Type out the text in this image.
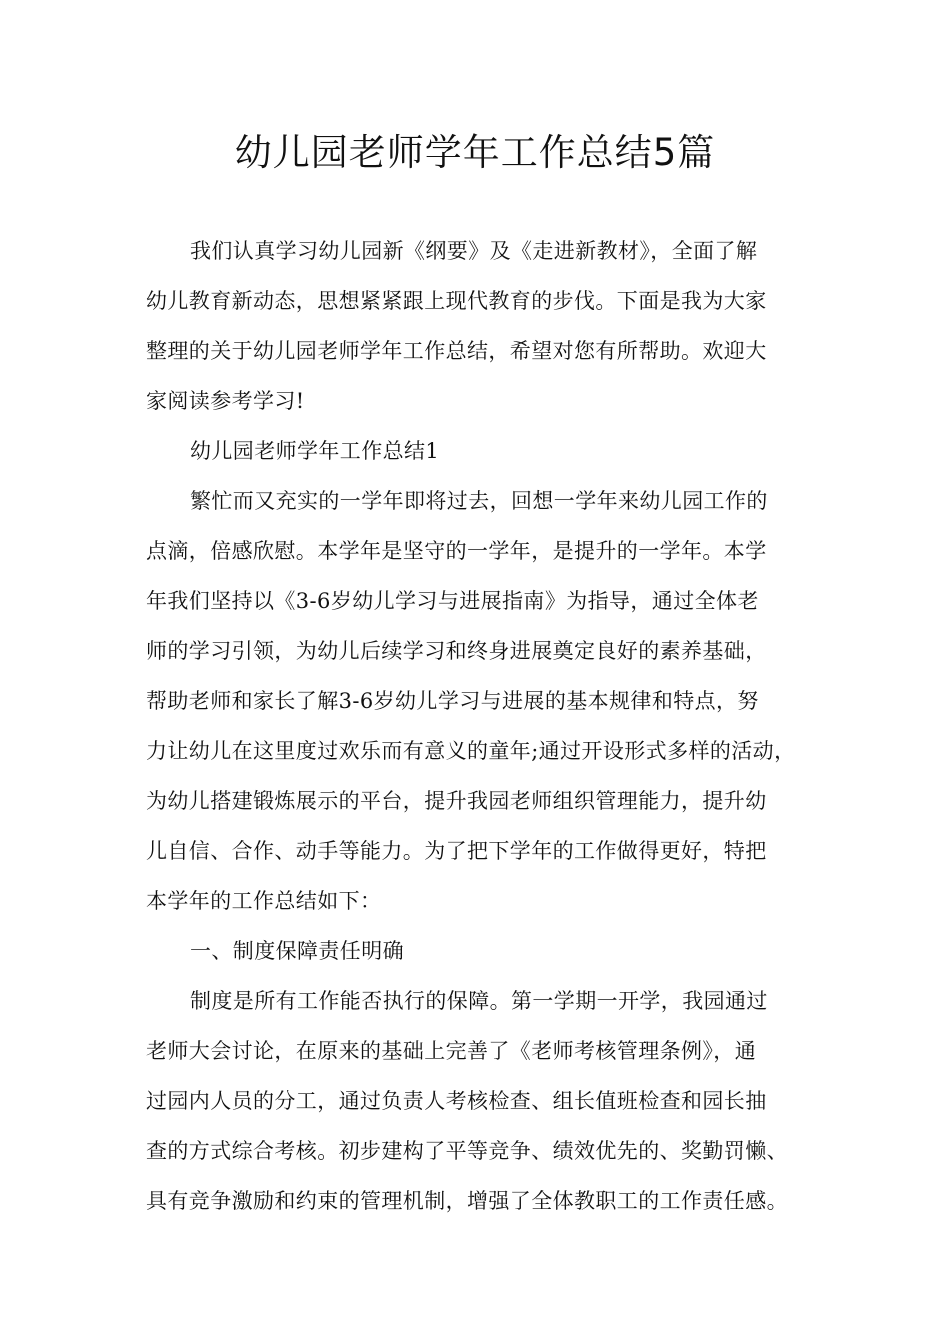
幼儿园老师学年工作总结5篇
我们认真学习幼儿园新《纲要》及《走进新教材》，全面了解
幼儿教育新动态，思想紧紧跟上现代教育的步伐。下面是我为大家
整理的关于幼儿园老师学年工作总结，希望对您有所帮助。欢迎大
家阅读参考学习!
幼儿园老师学年工作总结1
繁忙而又充实的一学年即将过去，回想一学年来幼儿园工作的
点滴，倍感欣慰。本学年是坚守的一学年，是提升的一学年。本学
年我们坚持以《3-6岁幼儿学习与进展指南》为指导，通过全体老
师的学习引领，为幼儿后续学习和终身进展奠定良好的素养基础，
帮助老师和家长了解3-6岁幼儿学习与进展的基本规律和特点，努
力让幼儿在这里度过欢乐而有意义的童年;通过开设形式多样的活动，
为幼儿搭建锻炼展示的平台，提升我园老师组织管理能力，提升幼
儿自信、合作、动手等能力。为了把下学年的工作做得更好，特把
本学年的工作总结如下：
一、制度保障责任明确
制度是所有工作能否执行的保障。第一学期一开学，我园通过
老师大会讨论，在原来的基础上完善了《老师考核管理条例》，通
过园内人员的分工，通过负责人考核检查、组长值班检查和园长抽
查的方式综合考核。初步建构了平等竞争、绩效优先的、奖勤罚懒、
具有竞争激励和约束的管理机制，增强了全体教职工的工作责任感。
